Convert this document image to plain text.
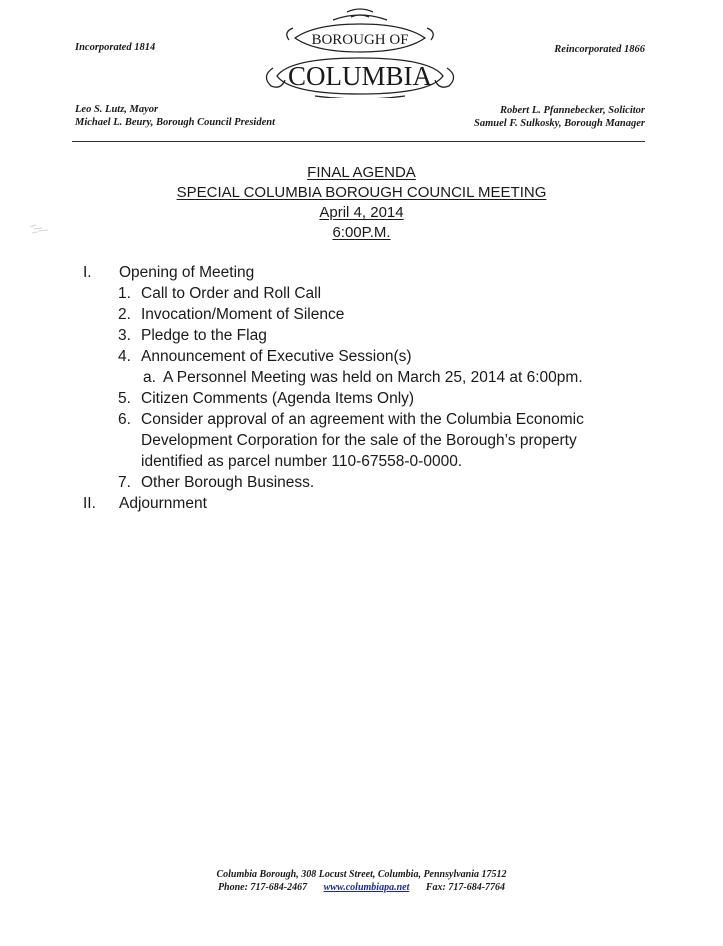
Incorporated 1814	Reincorporated 1866
BOROUGH OF
COLUMBIA
Leo S. Lutz, Mayor
Michael L. Beury, Borough Council President
Robert L. Pfannebecker, Solicitor
Samuel F. Sulkosky, Borough Manager
FINAL AGENDA
SPECIAL COLUMBIA BOROUGH COUNCIL MEETING
April 4, 2014
6:00P.M.
I. Opening of Meeting
1. Call to Order and Roll Call
2. Invocation/Moment of Silence
3. Pledge to the Flag
4. Announcement of Executive Session(s)
a. A Personnel Meeting was held on March 25, 2014 at 6:00pm.
5. Citizen Comments (Agenda Items Only)
6. Consider approval of an agreement with the Columbia Economic
Development Corporation for the sale of the Borough’s property
identified as parcel number 110-67558-0-0000.
7. Other Borough Business.
II. Adjournment
Columbia Borough, 308 Locust Street, Columbia, Pennsylvania 17512
Phone: 717-684-2467 www.columbiapa.net Fax: 717-684-7764
